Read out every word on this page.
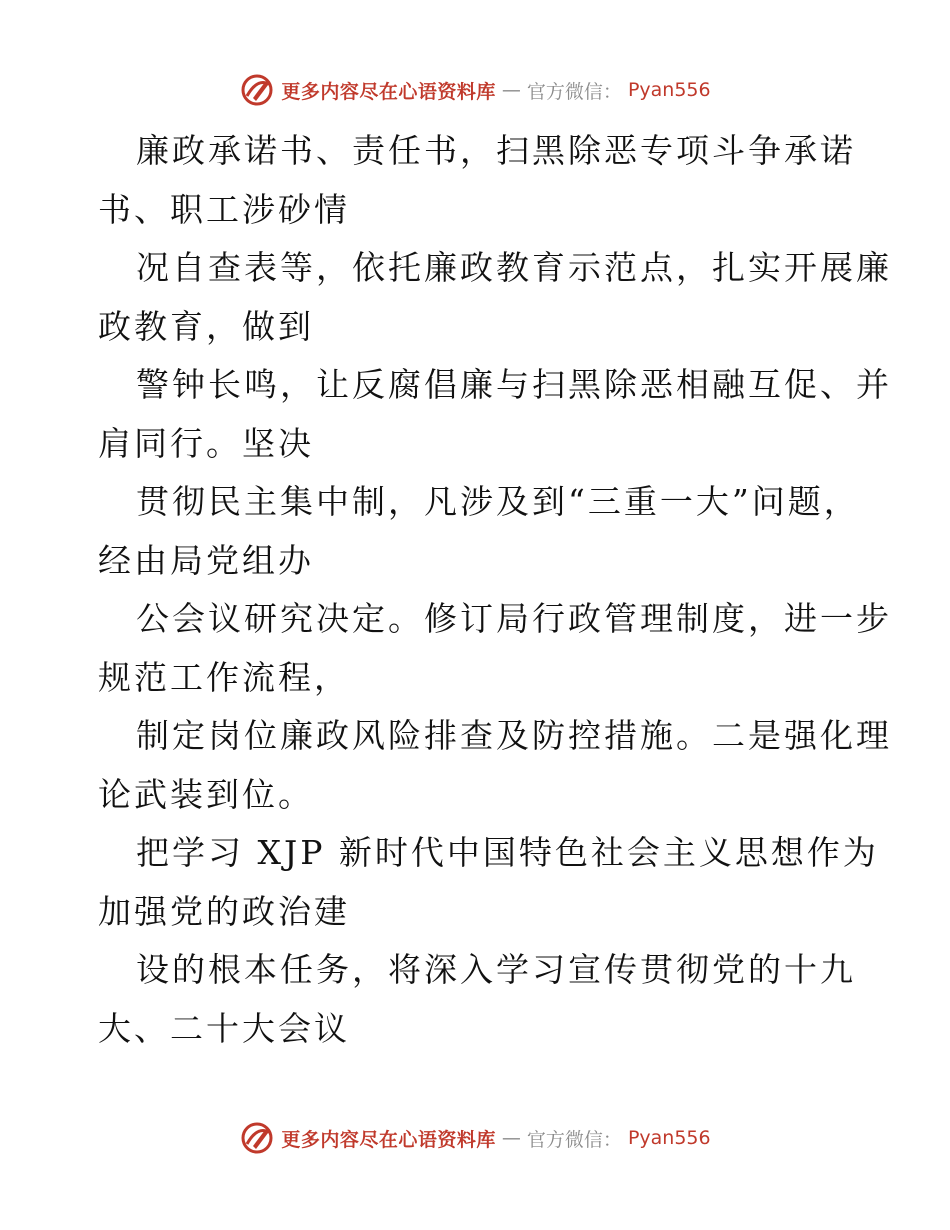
更多内容尽在心语资料库 — 官方微信： Pyan556
廉政承诺书、责任书，扫黑除恶专项斗争承诺
书、职工涉砂情
况自查表等，依托廉政教育示范点，扎实开展廉
政教育，做到
警钟长鸣，让反腐倡廉与扫黑除恶相融互促、并
肩同行。坚决
贯彻民主集中制，凡涉及到“三重一大”问题，
经由局党组办
公会议研究决定。修订局行政管理制度，进一步
规范工作流程，
制定岗位廉政风险排查及防控措施。二是强化理
论武装到位。
把学习 XJP 新时代中国特色社会主义思想作为
加强党的政治建
设的根本任务，将深入学习宣传贯彻党的十九
大、二十大会议
更多内容尽在心语资料库 — 官方微信： Pyan556
